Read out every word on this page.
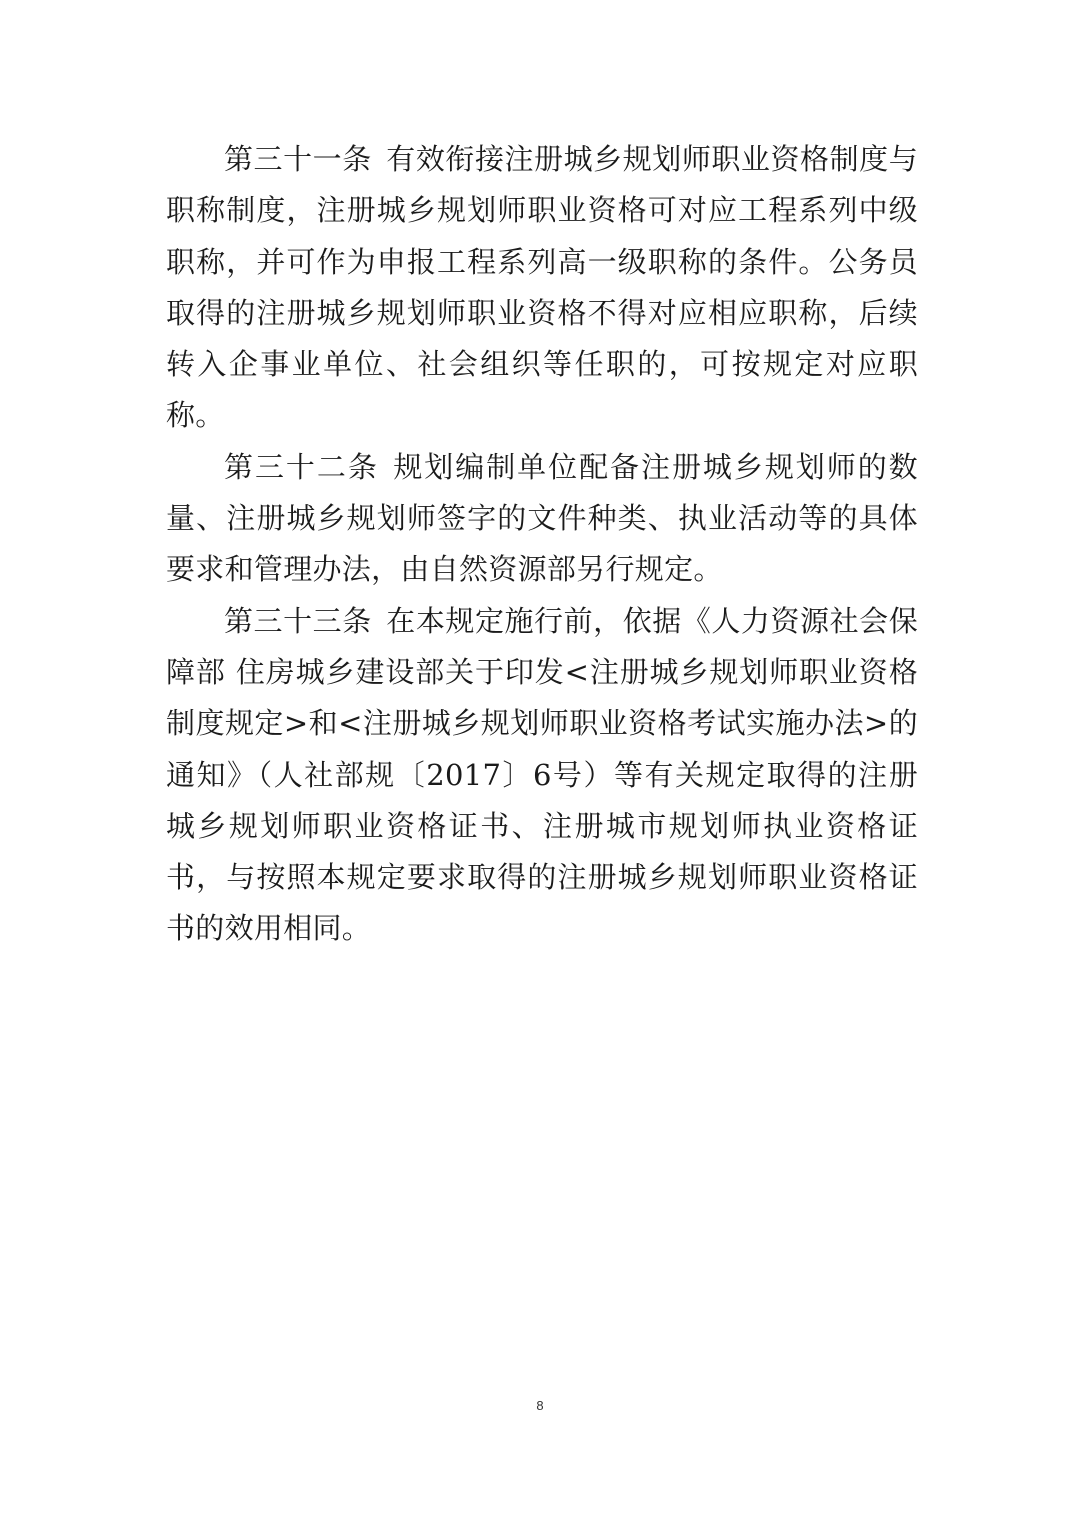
第三十一条 有效衔接注册城乡规划师职业资格制度与职称制度，注册城乡规划师职业资格可对应工程系列中级职称，并可作为申报工程系列高一级职称的条件。公务员取得的注册城乡规划师职业资格不得对应相应职称，后续转入企事业单位、社会组织等任职的，可按规定对应职称。

第三十二条 规划编制单位配备注册城乡规划师的数量、注册城乡规划师签字的文件种类、执业活动等的具体要求和管理办法，由自然资源部另行规定。

第三十三条 在本规定施行前，依据《人力资源社会保障部 住房城乡建设部关于印发<注册城乡规划师职业资格制度规定>和<注册城乡规划师职业资格考试实施办法>的通知》（人社部规〔2017〕6号）等有关规定取得的注册城乡规划师职业资格证书、注册城市规划师执业资格证书，与按照本规定要求取得的注册城乡规划师职业资格证书的效用相同。

8
